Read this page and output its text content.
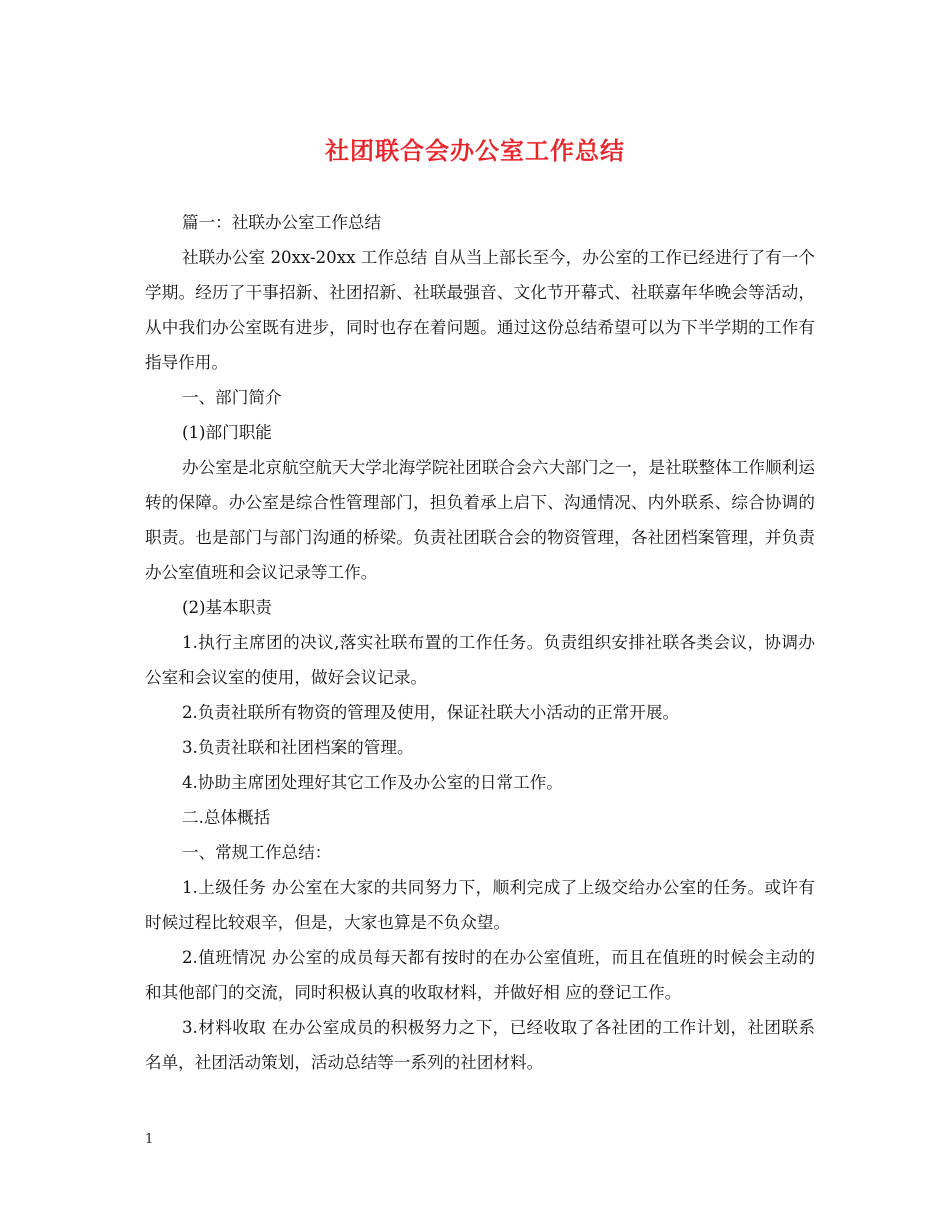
社团联合会办公室工作总结

篇一：社联办公室工作总结

社联办公室 20xx-20xx 工作总结 自从当上部长至今，办公室的工作已经进行了有一个学期。经历了干事招新、社团招新、社联最强音、文化节开幕式、社联嘉年华晚会等活动，从中我们办公室既有进步，同时也存在着问题。通过这份总结希望可以为下半学期的工作有指导作用。

一、部门简介

(1)部门职能

办公室是北京航空航天大学北海学院社团联合会六大部门之一，是社联整体工作顺利运转的保障。办公室是综合性管理部门，担负着承上启下、沟通情况、内外联系、综合协调的职责。也是部门与部门沟通的桥梁。负责社团联合会的物资管理，各社团档案管理，并负责办公室值班和会议记录等工作。

(2)基本职责

1.执行主席团的决议,落实社联布置的工作任务。负责组织安排社联各类会议，协调办公室和会议室的使用，做好会议记录。

2.负责社联所有物资的管理及使用，保证社联大小活动的正常开展。

3.负责社联和社团档案的管理。

4.协助主席团处理好其它工作及办公室的日常工作。

二.总体概括

一、常规工作总结：

1.上级任务 办公室在大家的共同努力下，顺利完成了上级交给办公室的任务。或许有时候过程比较艰辛，但是，大家也算是不负众望。

2.值班情况 办公室的成员每天都有按时的在办公室值班，而且在值班的时候会主动的和其他部门的交流，同时积极认真的收取材料，并做好相 应的登记工作。

3.材料收取 在办公室成员的积极努力之下，已经收取了各社团的工作计划，社团联系名单，社团活动策划，活动总结等一系列的社团材料。

1
